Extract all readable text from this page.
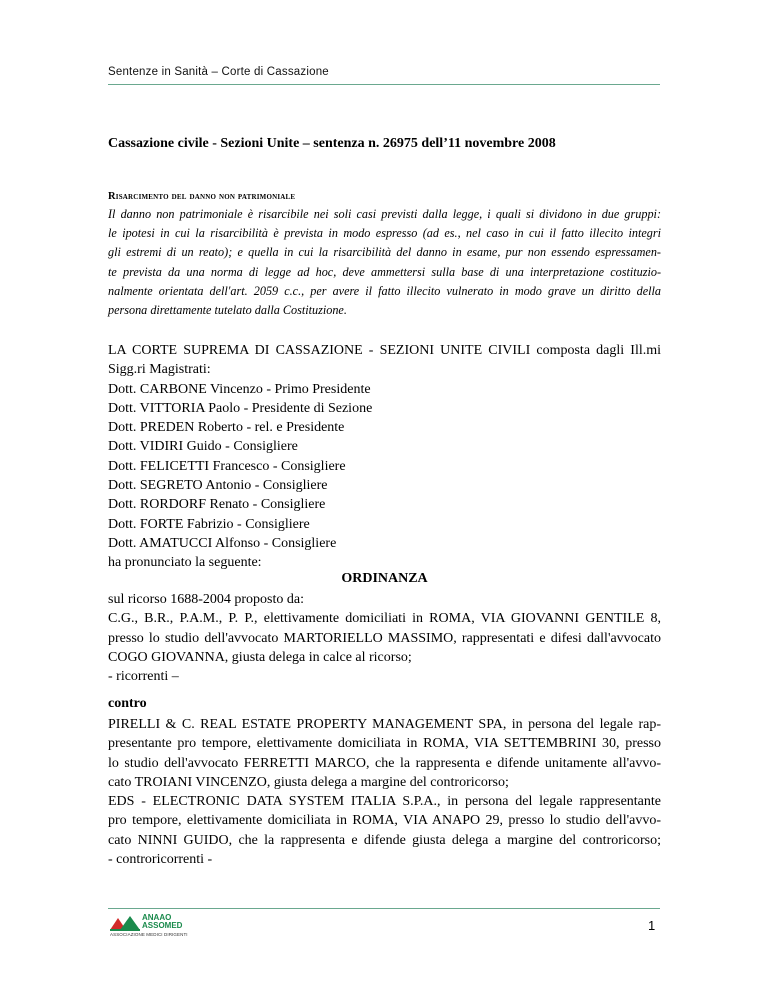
Sentenze in Sanità – Corte di Cassazione
Cassazione civile - Sezioni Unite – sentenza n. 26975 dell’11 novembre 2008
Risarcimento del danno non patrimoniale
Il danno non patrimoniale è risarcibile nei soli casi previsti dalla legge, i quali si dividono in due gruppi:
le ipotesi in cui la risarcibilità è prevista in modo espresso (ad es., nel caso in cui il fatto illecito integri
gli estremi di un reato); e quella in cui la risarcibilità del danno in esame, pur non essendo espressamen-
te prevista da una norma di legge ad hoc, deve ammettersi sulla base di una interpretazione costituzio-
nalmente orientata dell'art. 2059 c.c., per avere il fatto illecito vulnerato in modo grave un diritto della
persona direttamente tutelato dalla Costituzione.
LA CORTE SUPREMA DI CASSAZIONE - SEZIONI UNITE CIVILI composta dagli Ill.mi
Sigg.ri Magistrati:
Dott. CARBONE Vincenzo - Primo Presidente
Dott. VITTORIA Paolo - Presidente di Sezione
Dott. PREDEN Roberto - rel. e Presidente
Dott. VIDIRI Guido - Consigliere
Dott. FELICETTI Francesco - Consigliere
Dott. SEGRETO Antonio - Consigliere
Dott. RORDORF Renato - Consigliere
Dott. FORTE Fabrizio - Consigliere
Dott. AMATUCCI Alfonso - Consigliere
ha pronunciato la seguente:
ORDINANZA
sul ricorso 1688-2004 proposto da:
C.G., B.R., P.A.M., P. P., elettivamente domiciliati in ROMA, VIA GIOVANNI GENTILE 8,
presso lo studio dell'avvocato MARTORIELLO MASSIMO, rappresentati e difesi dall'avvocato
COGO GIOVANNA, giusta delega in calce al ricorso;
- ricorrenti –
contro
PIRELLI & C. REAL ESTATE PROPERTY MANAGEMENT SPA, in persona del legale rap-
presentante pro tempore, elettivamente domiciliata in ROMA, VIA SETTEMBRINI 30, presso
lo studio dell'avvocato FERRETTI MARCO, che la rappresenta e difende unitamente all'avvo-
cato TROIANI VINCENZO, giusta delega a margine del controricorso;
EDS - ELECTRONIC DATA SYSTEM ITALIA S.P.A., in persona del legale rappresentante
pro tempore, elettivamente domiciliata in ROMA, VIA ANAPO 29, presso lo studio dell'avvo-
cato NINNI GUIDO, che la rappresenta e difende giusta delega a margine del controricorso;
- controricorrenti -
ANAAO
ASSOMED
ASSOCIAZIONE MEDICI DIRIGENTI
1
